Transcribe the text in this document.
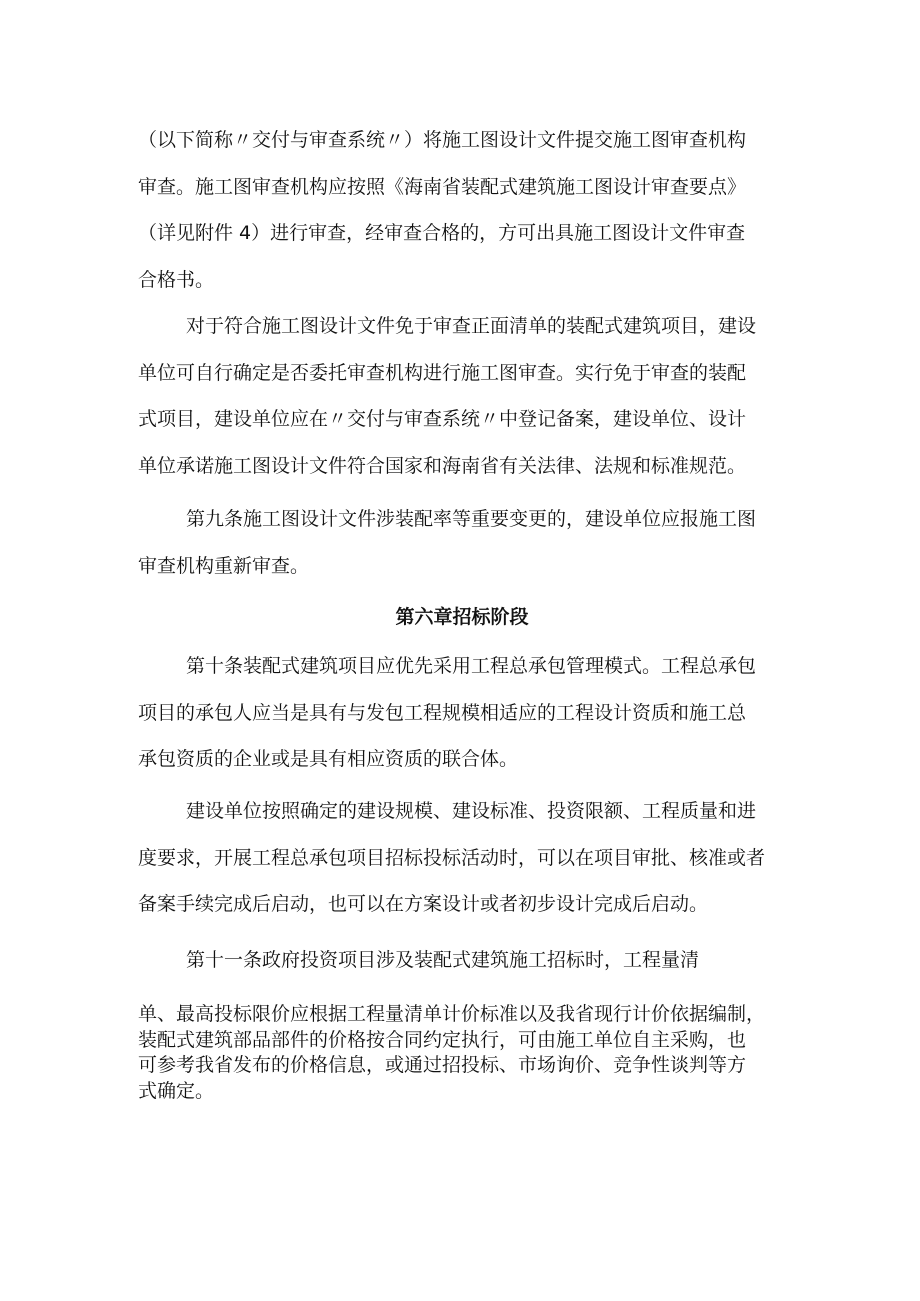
（以下简称〃交付与审查系统〃）将施工图设计文件提交施工图审查机构

审查。施工图审查机构应按照《海南省装配式建筑施工图设计审查要点》

（详见附件 4）进行审查，经审查合格的，方可出具施工图设计文件审查

合格书。

对于符合施工图设计文件免于审查正面清单的装配式建筑项目，建设

单位可自行确定是否委托审查机构进行施工图审查。实行免于审查的装配

式项目，建设单位应在〃交付与审查系统〃中登记备案，建设单位、设计

单位承诺施工图设计文件符合国家和海南省有关法律、法规和标准规范。

第九条施工图设计文件涉装配率等重要变更的，建设单位应报施工图

审查机构重新审查。

第六章招标阶段

第十条装配式建筑项目应优先采用工程总承包管理模式。工程总承包

项目的承包人应当是具有与发包工程规模相适应的工程设计资质和施工总

承包资质的企业或是具有相应资质的联合体。

建设单位按照确定的建设规模、建设标准、投资限额、工程质量和进

度要求，开展工程总承包项目招标投标活动时，可以在项目审批、核准或者

备案手续完成后启动，也可以在方案设计或者初步设计完成后启动。

第十一条政府投资项目涉及装配式建筑施工招标时，工程量清

单、最高投标限价应根据工程量清单计价标准以及我省现行计价依据编制，

装配式建筑部品部件的价格按合同约定执行，可由施工单位自主采购，也

可参考我省发布的价格信息，或通过招投标、市场询价、竞争性谈判等方

式确定。
